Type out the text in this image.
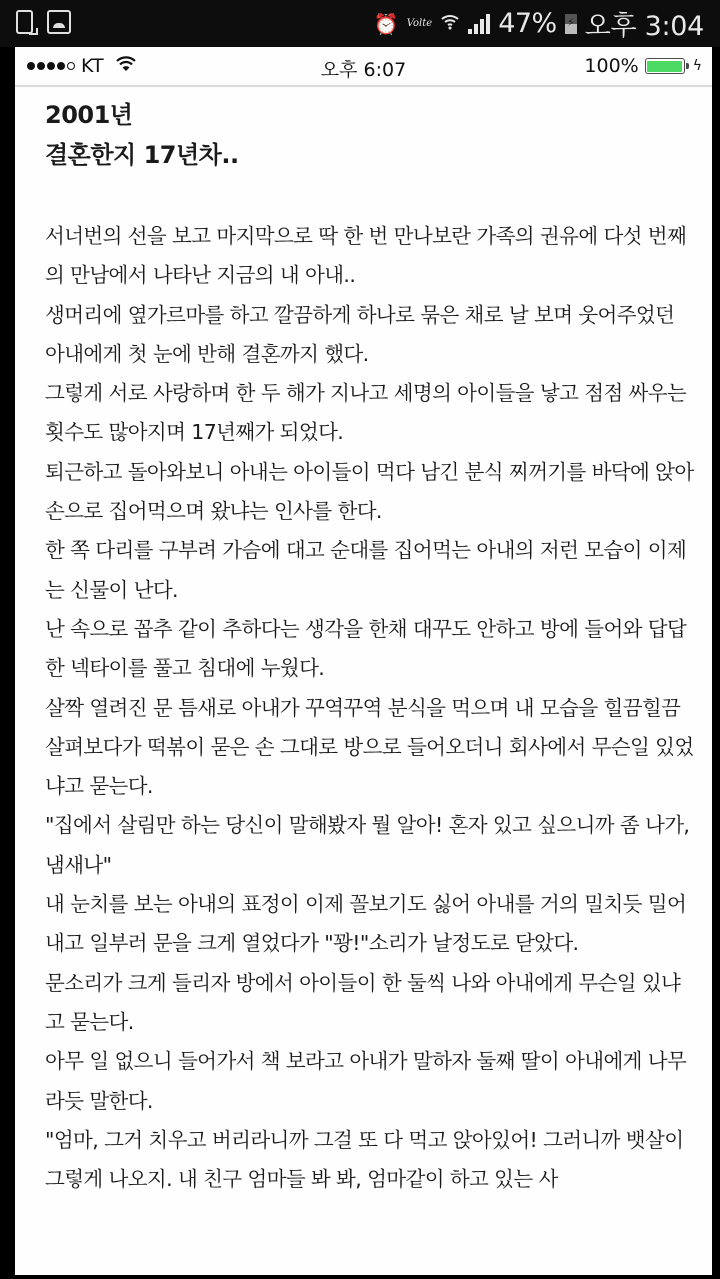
⏰ Volte 47% ⚡ 오후 3:04
KT	오후 6:07	100%	ϟ

2001년

결혼한지 17년차..

서너번의 선을 보고 마지막으로 딱 한 번 만나보란 가족의 권유에 다섯 번째의 만남에서 나타난 지금의 내 아내..

생머리에 옆가르마를 하고 깔끔하게 하나로 묶은 채로 날 보며 웃어주었던 아내에게 첫 눈에 반해 결혼까지 했다.

그렇게 서로 사랑하며 한 두 해가 지나고 세명의 아이들을 낳고 점점 싸우는 횟수도 많아지며 17년째가 되었다.

퇴근하고 돌아와보니 아내는 아이들이 먹다 남긴 분식 찌꺼기를 바닥에 앉아 손으로 집어먹으며 왔냐는 인사를 한다.

한 쪽 다리를 구부려 가슴에 대고 순대를 집어먹는 아내의 저런 모습이 이제는 신물이 난다.

난 속으로 꼽추 같이 추하다는 생각을 한채 대꾸도 안하고 방에 들어와 답답한 넥타이를 풀고 침대에 누웠다.

살짝 열려진 문 틈새로 아내가 꾸역꾸역 분식을 먹으며 내 모습을 힐끔힐끔 살펴보다가 떡볶이 묻은 손 그대로 방으로 들어오더니 회사에서 무슨일 있었냐고 묻는다.

"집에서 살림만 하는 당신이 말해봤자 뭘 알아! 혼자 있고 싶으니까 좀 나가, 냄새나"

내 눈치를 보는 아내의 표정이 이제 꼴보기도 싫어 아내를 거의 밀치듯 밀어내고 일부러 문을 크게 열었다가 "꽝!"소리가 날정도로 닫았다.

문소리가 크게 들리자 방에서 아이들이 한 둘씩 나와 아내에게 무슨일 있냐고 묻는다.

아무 일 없으니 들어가서 책 보라고 아내가 말하자 둘째 딸이 아내에게 나무라듯 말한다.

"엄마, 그거 치우고 버리라니까 그걸 또 다 먹고 앉아있어! 그러니까 뱃살이 그렇게 나오지. 내 친구 엄마들 봐 봐, 엄마같이 하고 있는 사
